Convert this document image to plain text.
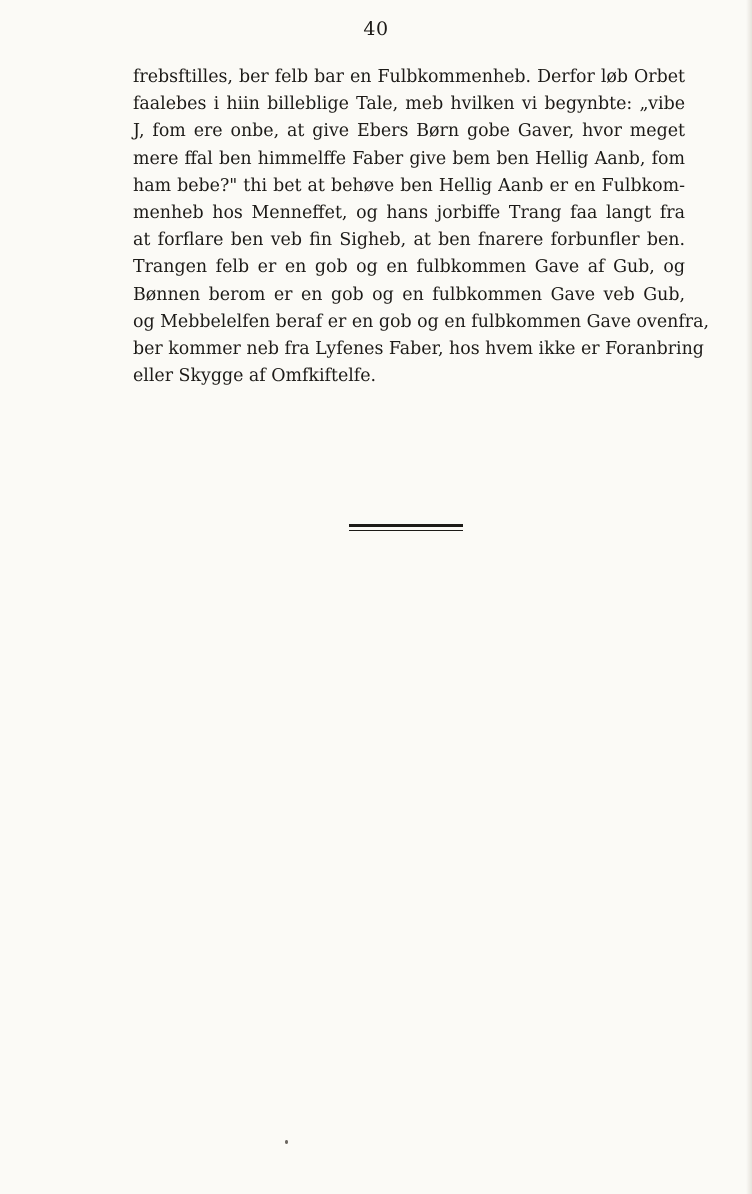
40
frebsftilles, ber felb bar en Fulbkommenheb. Derfor løb Orbet
faalebes i hiin billeblige Tale, meb hvilken vi begynbte: „vibe
J, fom ere onbe, at give Ebers Børn gobe Gaver, hvor meget
mere ffal ben himmelffe Faber give bem ben Hellig Aanb, fom
ham bebe?" thi bet at behøve ben Hellig Aanb er en Fulbkom-
menheb hos Menneffet, og hans jorbiffe Trang faa langt fra
at forflare ben veb fin Sigheb, at ben fnarere forbunfler ben.
Trangen felb er en gob og en fulbkommen Gave af Gub, og
Bønnen berom er en gob og en fulbkommen Gave veb Gub,
og Mebbelelfen beraf er en gob og en fulbkommen Gave ovenfra,
ber kommer neb fra Lyfenes Faber, hos hvem ikke er Foranbring
eller Skygge af Omfkiftelfe.
